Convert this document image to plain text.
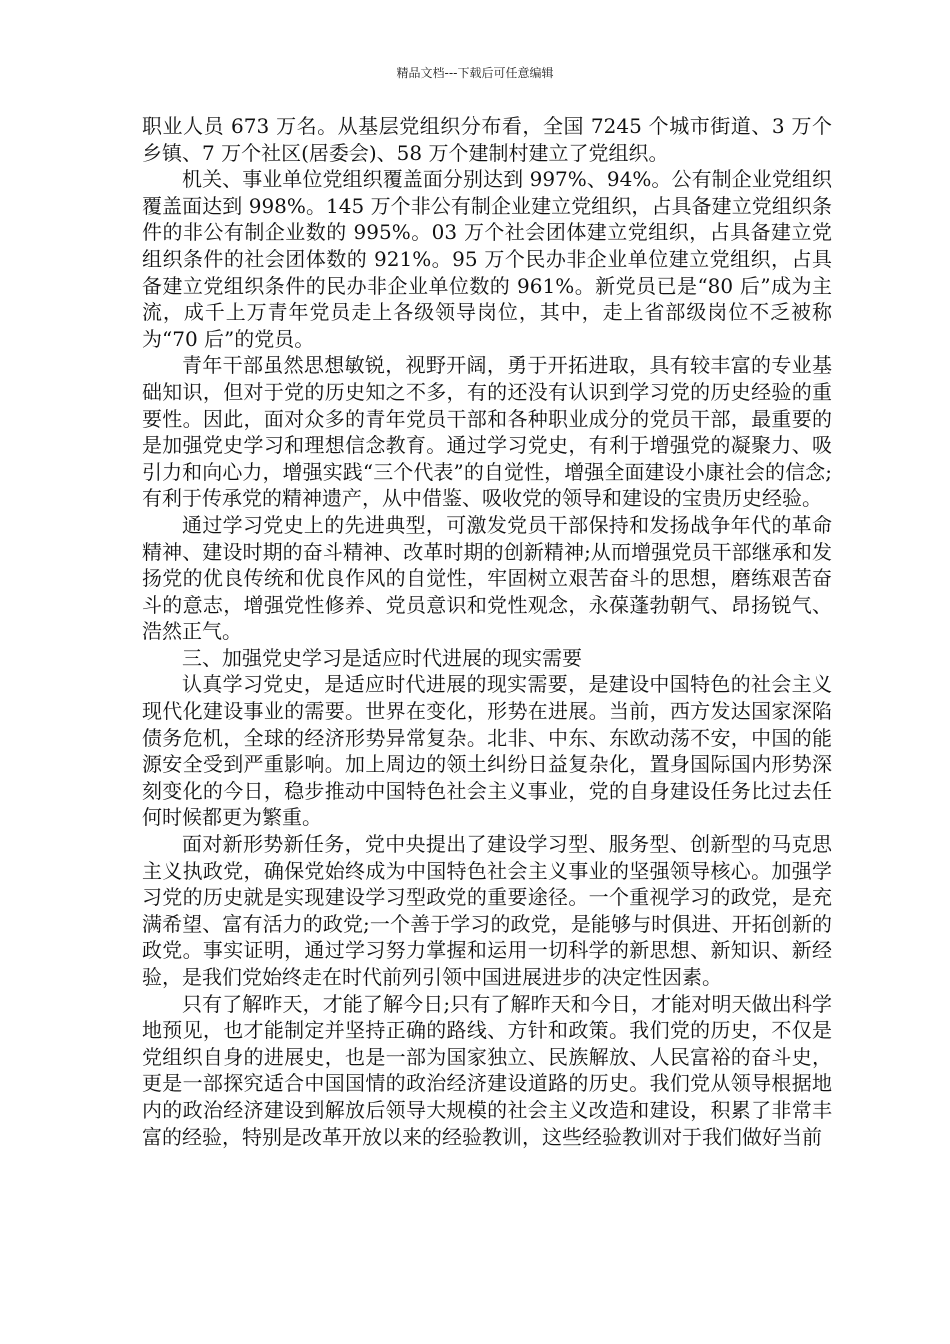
精品文档---下载后可任意编辑

职业人员 673 万名。从基层党组织分布看，全国 7245 个城市街道、3 万个乡镇、7 万个社区(居委会)、58 万个建制村建立了党组织。

机关、事业单位党组织覆盖面分别达到 997%、94%。公有制企业党组织覆盖面达到 998%。145 万个非公有制企业建立党组织，占具备建立党组织条件的非公有制企业数的 995%。03 万个社会团体建立党组织，占具备建立党组织条件的社会团体数的 921%。95 万个民办非企业单位建立党组织，占具备建立党组织条件的民办非企业单位数的 961%。新党员已是“80 后”成为主流，成千上万青年党员走上各级领导岗位，其中，走上省部级岗位不乏被称为“70 后”的党员。

青年干部虽然思想敏锐，视野开阔，勇于开拓进取，具有较丰富的专业基础知识，但对于党的历史知之不多，有的还没有认识到学习党的历史经验的重要性。因此，面对众多的青年党员干部和各种职业成分的党员干部，最重要的是加强党史学习和理想信念教育。通过学习党史，有利于增强党的凝聚力、吸引力和向心力，增强实践“三个代表”的自觉性，增强全面建设小康社会的信念;有利于传承党的精神遗产，从中借鉴、吸收党的领导和建设的宝贵历史经验。

通过学习党史上的先进典型，可激发党员干部保持和发扬战争年代的革命精神、建设时期的奋斗精神、改革时期的创新精神;从而增强党员干部继承和发扬党的优良传统和优良作风的自觉性，牢固树立艰苦奋斗的思想，磨练艰苦奋斗的意志，增强党性修养、党员意识和党性观念，永葆蓬勃朝气、昂扬锐气、浩然正气。

三、加强党史学习是适应时代进展的现实需要

认真学习党史，是适应时代进展的现实需要，是建设中国特色的社会主义现代化建设事业的需要。世界在变化，形势在进展。当前，西方发达国家深陷债务危机，全球的经济形势异常复杂。北非、中东、东欧动荡不安，中国的能源安全受到严重影响。加上周边的领土纠纷日益复杂化，置身国际国内形势深刻变化的今日，稳步推动中国特色社会主义事业，党的自身建设任务比过去任何时候都更为繁重。

面对新形势新任务，党中央提出了建设学习型、服务型、创新型的马克思主义执政党，确保党始终成为中国特色社会主义事业的坚强领导核心。加强学习党的历史就是实现建设学习型政党的重要途径。一个重视学习的政党，是充满希望、富有活力的政党;一个善于学习的政党，是能够与时俱进、开拓创新的政党。事实证明，通过学习努力掌握和运用一切科学的新思想、新知识、新经验，是我们党始终走在时代前列引领中国进展进步的决定性因素。

只有了解昨天，才能了解今日;只有了解昨天和今日，才能对明天做出科学地预见，也才能制定并坚持正确的路线、方针和政策。我们党的历史，不仅是党组织自身的进展史，也是一部为国家独立、民族解放、人民富裕的奋斗史，更是一部探究适合中国国情的政治经济建设道路的历史。我们党从领导根据地内的政治经济建设到解放后领导大规模的社会主义改造和建设，积累了非常丰富的经验，特别是改革开放以来的经验教训，这些经验教训对于我们做好当前
